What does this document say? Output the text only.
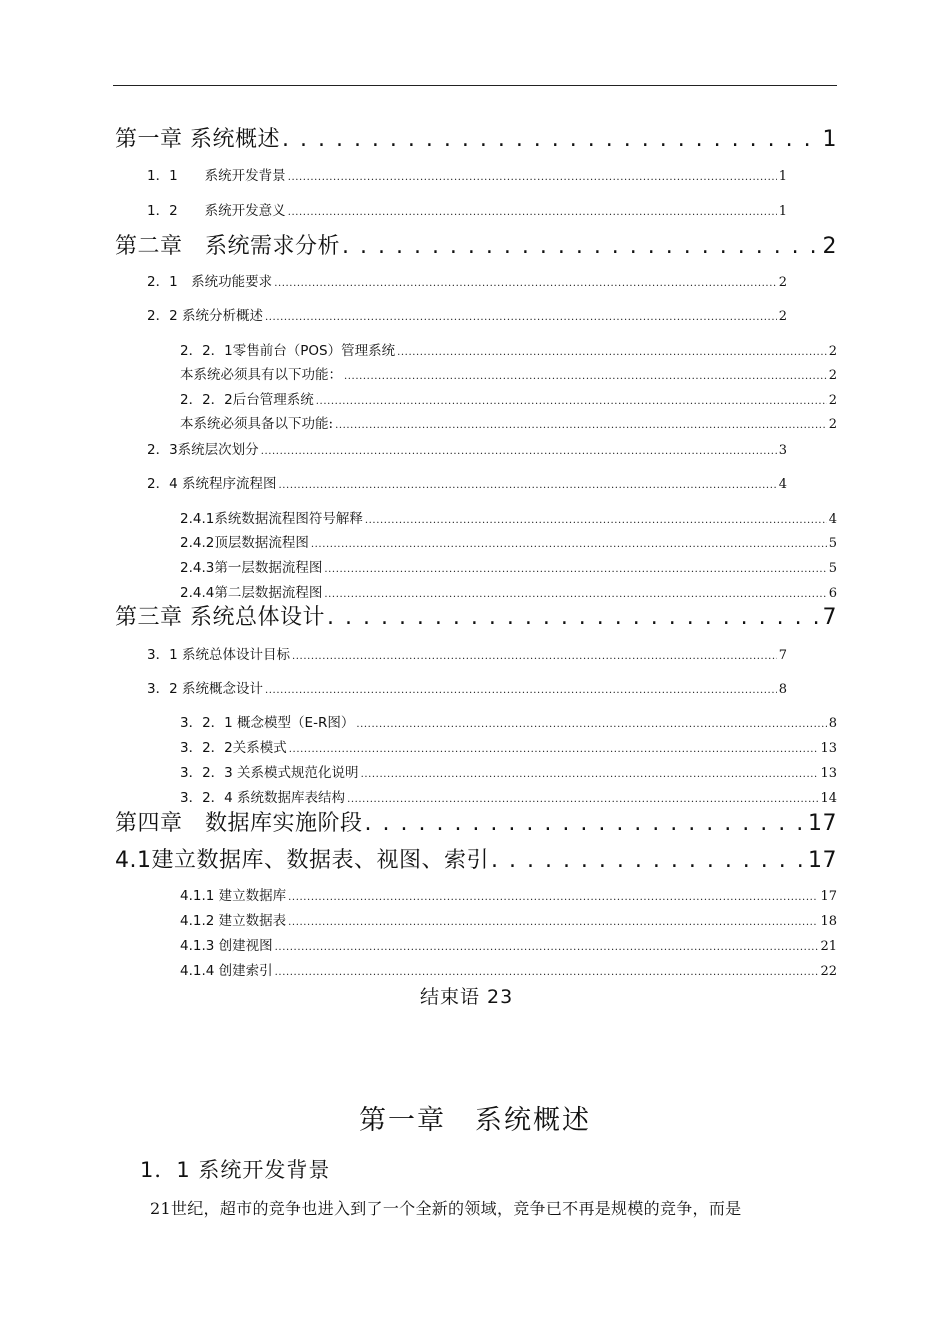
第一章 系统概述 . . .	1
1．1　　系统开发背景 .....	1
1．2　　系统开发意义 .....	1
第二章　系统需求分析 . . .	2
2．1　系统功能要求 .....	2
2．2 系统分析概述 .....	2
2．2．1零售前台（POS）管理系统 .....	2
本系统必须具有以下功能： .....	2
2．2．2后台管理系统 .....	2
本系统必须具备以下功能: .....	2
2．3系统层次划分 .....	3
2．4 系统程序流程图 .....	4
2.4.1系统数据流程图符号解释 .....	4
2.4.2顶层数据流程图 .....	5
2.4.3第一层数据流程图 .....	5
2.4.4第二层数据流程图 .....	6
第三章 系统总体设计 . . .	7
3．1 系统总体设计目标 .....	7
3．2 系统概念设计 .....	8
3．2．1 概念模型（E-R图） .....	8
3．2．2关系模式 .....	13
3．2．3 关系模式规范化说明 .....	13
3．2．4 系统数据库表结构 .....	14
第四章　数据库实施阶段 . . .	17
4.1建立数据库、数据表、视图、索引 . . .	17
4.1.1 建立数据库 .....	17
4.1.2 建立数据表 .....	18
4.1.3 创建视图 .....	21
4.1.4 创建索引 .....	22
结束语 23
第一章　系统概述
1．1 系统开发背景
21世纪，超市的竞争也进入到了一个全新的领域，竞争已不再是规模的竞争，而是
